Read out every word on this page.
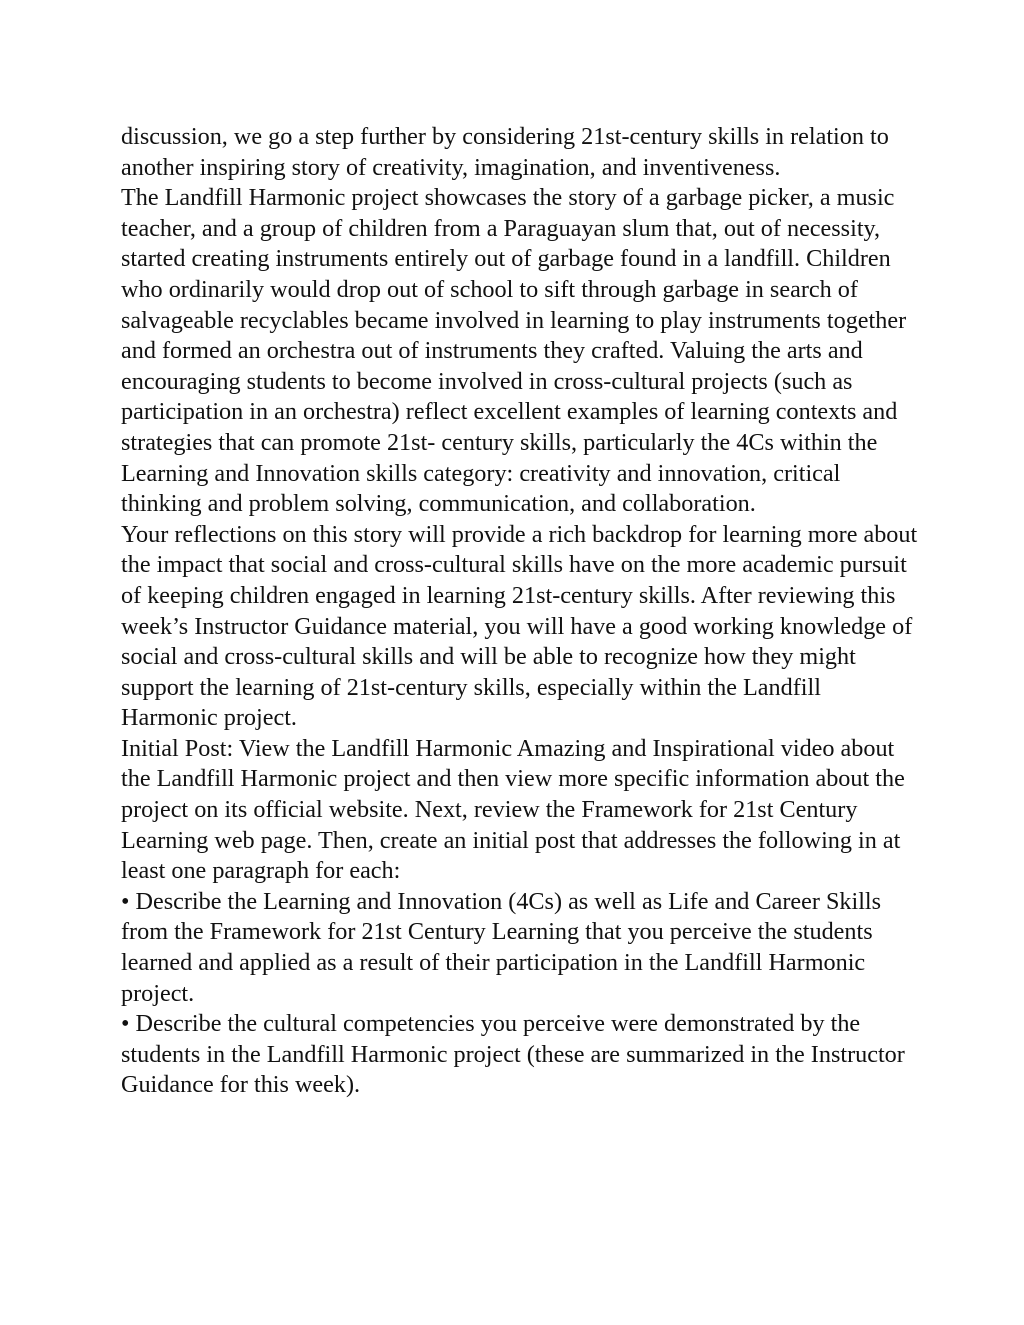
discussion, we go a step further by considering 21st-century skills in relation to another inspiring story of creativity, imagination, and inventiveness.

The Landfill Harmonic project showcases the story of a garbage picker, a music teacher, and a group of children from a Paraguayan slum that, out of necessity, started creating instruments entirely out of garbage found in a landfill. Children who ordinarily would drop out of school to sift through garbage in search of salvageable recyclables became involved in learning to play instruments together and formed an orchestra out of instruments they crafted. Valuing the arts and encouraging students to become involved in cross-cultural projects (such as participation in an orchestra) reflect excellent examples of learning contexts and strategies that can promote 21st- century skills, particularly the 4Cs within the Learning and Innovation skills category: creativity and innovation, critical thinking and problem solving, communication, and collaboration.

Your reflections on this story will provide a rich backdrop for learning more about the impact that social and cross-cultural skills have on the more academic pursuit of keeping children engaged in learning 21st-century skills. After reviewing this week’s Instructor Guidance material, you will have a good working knowledge of social and cross-cultural skills and will be able to recognize how they might support the learning of 21st-century skills, especially within the Landfill Harmonic project.

Initial Post: View the Landfill Harmonic Amazing and Inspirational video about the Landfill Harmonic project and then view more specific information about the project on its official website. Next, review the Framework for 21st Century Learning web page. Then, create an initial post that addresses the following in at least one paragraph for each:

• Describe the Learning and Innovation (4Cs) as well as Life and Career Skills from the Framework for 21st Century Learning that you perceive the students learned and applied as a result of their participation in the Landfill Harmonic project.

• Describe the cultural competencies you perceive were demonstrated by the students in the Landfill Harmonic project (these are summarized in the Instructor Guidance for this week).
